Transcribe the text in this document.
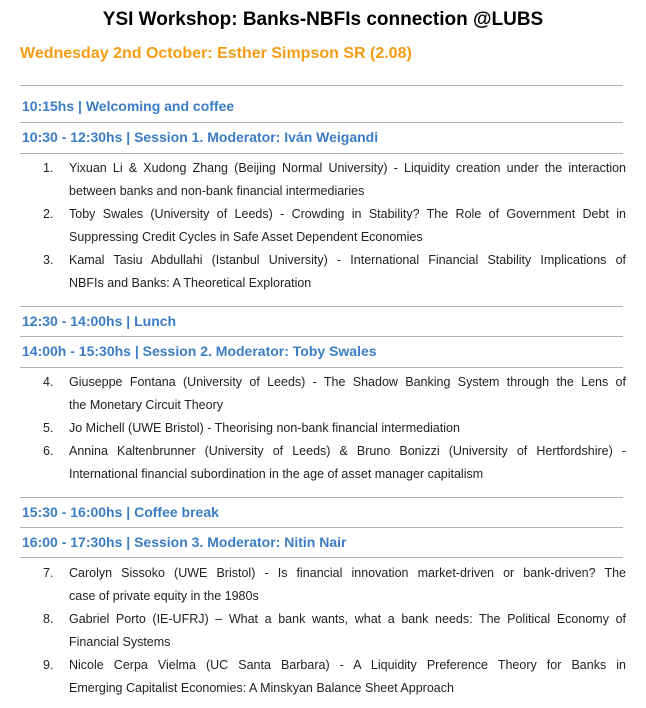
YSI Workshop: Banks-NBFIs connection @LUBS
Wednesday 2nd October: Esther Simpson SR (2.08)
10:15hs | Welcoming and coffee
10:30 - 12:30hs | Session 1. Moderator: Iván Weigandi
1.	Yixuan Li & Xudong Zhang (Beijing Normal University) - Liquidity creation under the interaction
between banks and non-bank financial intermediaries
2.	Toby Swales (University of Leeds) - Crowding in Stability? The Role of Government Debt in
Suppressing Credit Cycles in Safe Asset Dependent Economies
3.	Kamal Tasiu Abdullahi (Istanbul University) - International Financial Stability Implications of
NBFIs and Banks: A Theoretical Exploration
12:30 - 14:00hs | Lunch
14:00h - 15:30hs | Session 2. Moderator: Toby Swales
4.	Giuseppe Fontana (University of Leeds) - The Shadow Banking System through the Lens of
the Monetary Circuit Theory
5.	Jo Michell (UWE Bristol) - Theorising non-bank financial intermediation
6.	Annina Kaltenbrunner (University of Leeds) & Bruno Bonizzi (University of Hertfordshire) -
International financial subordination in the age of asset manager capitalism
15:30 - 16:00hs | Coffee break
16:00 - 17:30hs | Session 3. Moderator: Nitin Nair
7.	Carolyn Sissoko (UWE Bristol) - Is financial innovation market-driven or bank-driven? The
case of private equity in the 1980s
8.	Gabriel Porto (IE-UFRJ) – What a bank wants, what a bank needs: The Political Economy of
Financial Systems
9.	Nicole Cerpa Vielma (UC Santa Barbara) - A Liquidity Preference Theory for Banks in
Emerging Capitalist Economies: A Minskyan Balance Sheet Approach
